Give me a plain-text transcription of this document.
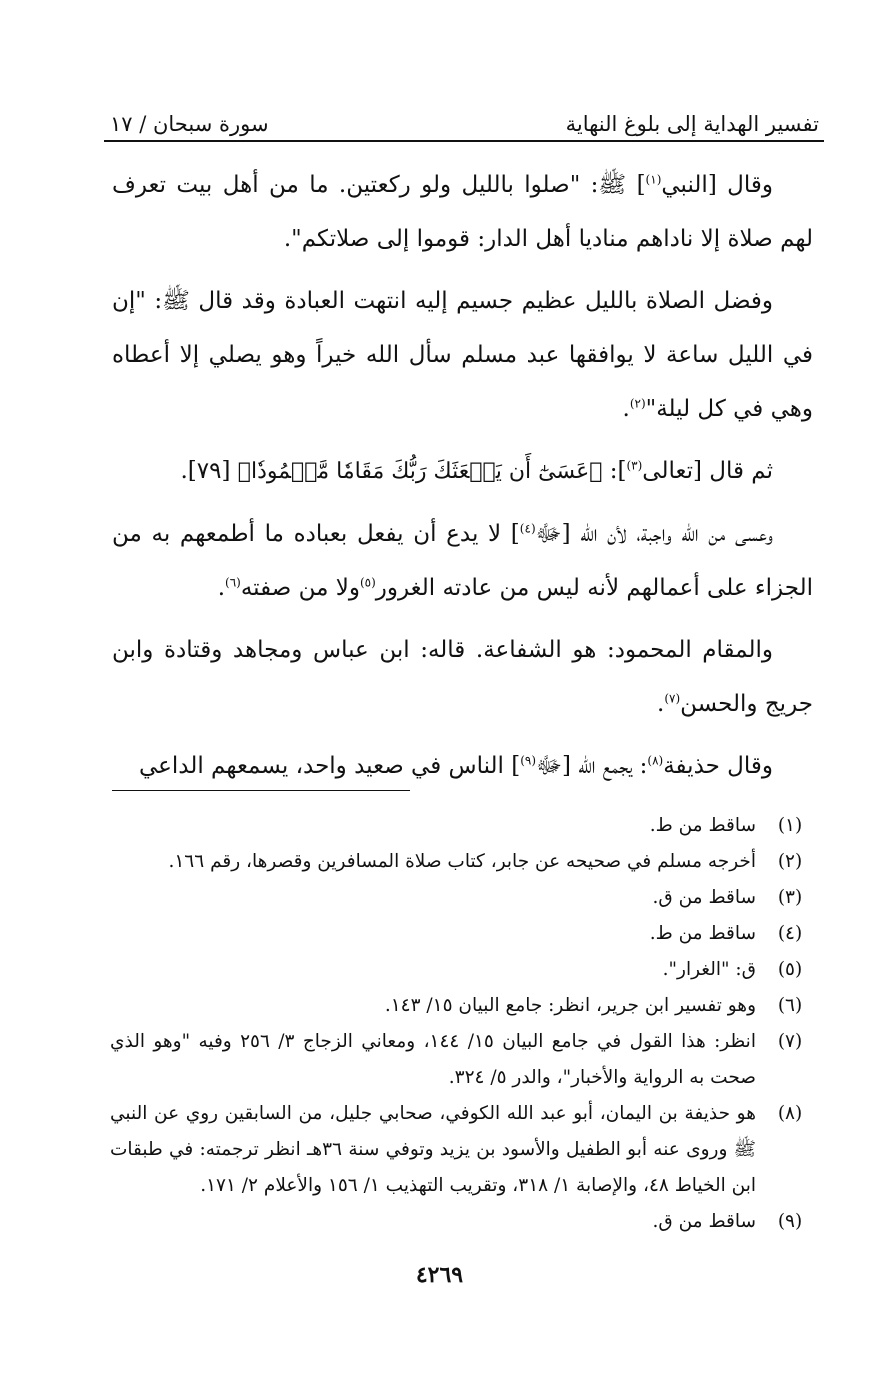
تفسير الهداية إلى بلوغ النهاية
سورة سبحان / ١٧

وقال [النبي$^{(١)}$] ﷺ: "صلوا بالليل ولو ركعتين. ما من أهل بيت تعرف لهم صلاة إلا ناداهم مناديا أهل الدار: قوموا إلى صلاتكم".

وفضل الصلاة بالليل عظيم جسيم إليه انتهت العبادة وقد قال ﷺ: "إن في الليل ساعة لا يوافقها عبد مسلم سأل الله خيراً وهو يصلي إلا أعطاه وهي في كل ليلة"$^{(٢)}$.

ثم قال [تعالى$^{(٣)}$]: ﴿عَسَىٰٓ أَن يَبۡعَثَكَ رَبُّكَ مَقَامٗا مَّحۡمُودٗا﴾ [٧٩].

وعسى من الله واجبة، لأن الله [ﷻ$^{(٤)}$] لا يدع أن يفعل بعباده ما أطمعهم به من الجزاء على أعمالهم لأنه ليس من عادته الغرور$^{(٥)}$ولا من صفته$^{(٦)}$.

والمقام المحمود: هو الشفاعة. قاله: ابن عباس ومجاهد وقتادة وابن جريج والحسن$^{(٧)}$.

وقال حذيفة$^{(٨)}$: يجمع الله [ﷻ$^{(٩)}$] الناس في صعيد واحد، يسمعهم الداعي

(١)
ساقط من ط.
(٢)
أخرجه مسلم في صحيحه عن جابر، كتاب صلاة المسافرين وقصرها، رقم ١٦٦.
(٣)
ساقط من ق.
(٤)
ساقط من ط.
(٥)
ق: "الغرار".
(٦)
وهو تفسير ابن جرير، انظر: جامع البيان ١٥/ ١٤٣.
(٧)
انظر: هذا القول في جامع البيان ١٥/ ١٤٤، ومعاني الزجاج ٣/ ٢٥٦ وفيه "وهو الذي صحت به الرواية والأخبار"، والدر ٥/ ٣٢٤.
(٨)
هو حذيفة بن اليمان، أبو عبد الله الكوفي، صحابي جليل، من السابقين روي عن النبي ﷺ وروى عنه أبو الطفيل والأسود بن يزيد وتوفي سنة ٣٦هـ انظر ترجمته: في طبقات ابن الخياط ٤٨، والإصابة ١/ ٣١٨، وتقريب التهذيب ١/ ١٥٦ والأعلام ٢/ ١٧١.
(٩)
ساقط من ق.
٤٢٦٩
